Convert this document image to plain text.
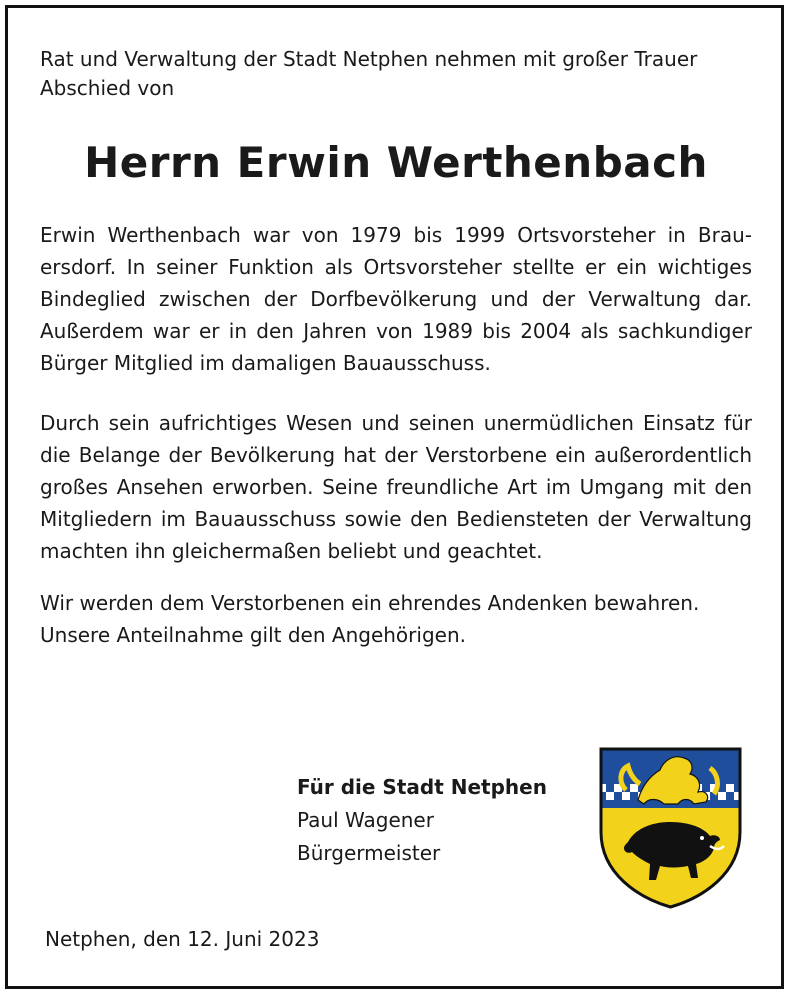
Rat und Verwaltung der Stadt Netphen nehmen mit großer Trauer Abschied von

Herrn Erwin Werthenbach

Erwin Werthenbach war von 1979 bis 1999 Ortsvorsteher in Brauersdorf. In seiner Funktion als Ortsvorsteher stellte er ein wichtiges Bindeglied zwischen der Dorfbevölkerung und der Verwaltung dar. Außerdem war er in den Jahren von 1989 bis 2004 als sachkundiger Bürger Mitglied im damaligen Bauausschuss.

Durch sein aufrichtiges Wesen und seinen unermüdlichen Einsatz für die Belange der Bevölkerung hat der Verstorbene ein außerordentlich großes Ansehen erworben. Seine freundliche Art im Umgang mit den Mitgliedern im Bauausschuss sowie den Bediensteten der Verwaltung machten ihn gleichermaßen beliebt und geachtet.

Wir werden dem Verstorbenen ein ehrendes Andenken bewahren. Unsere Anteilnahme gilt den Angehörigen.

Für die Stadt Netphen
Paul Wagener
Bürgermeister
Netphen, den 12. Juni 2023
